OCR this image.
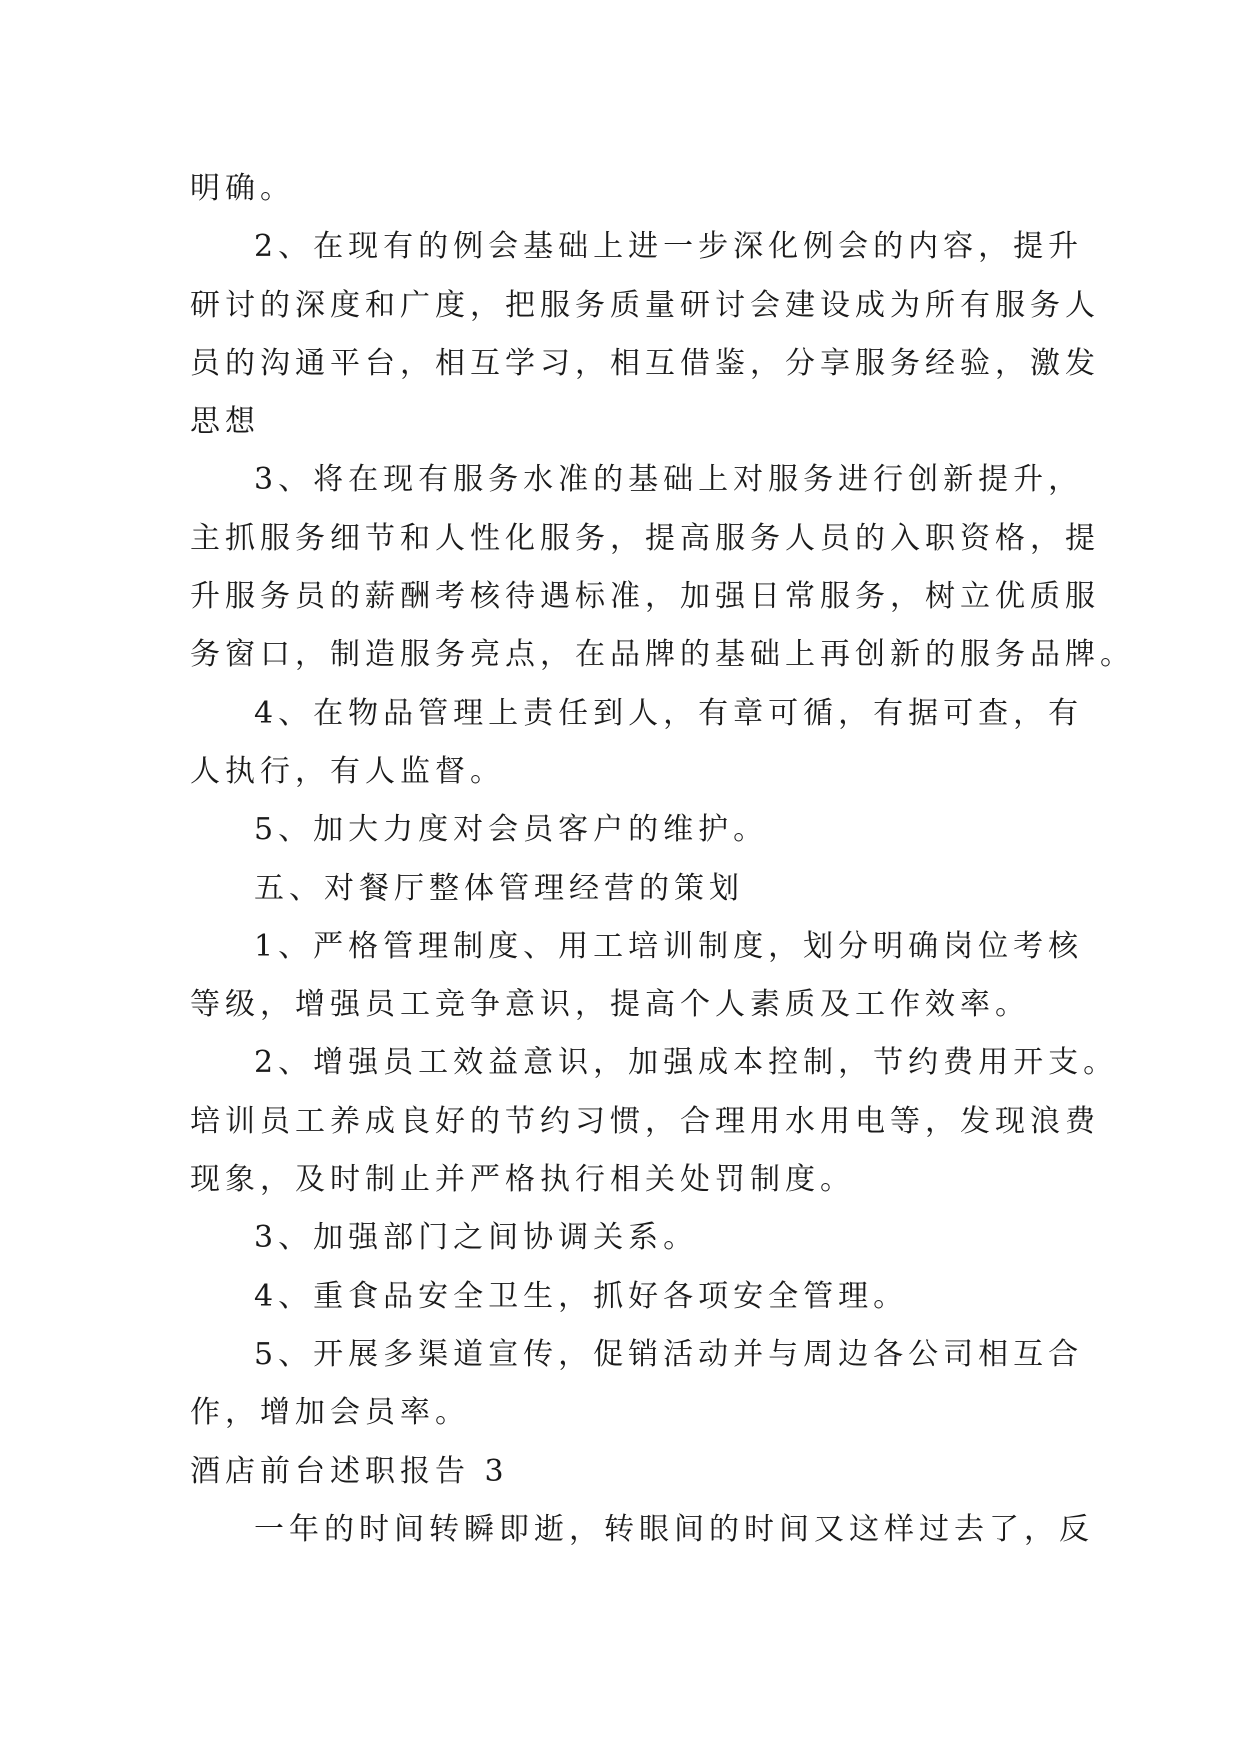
明确。
2、在现有的例会基础上进一步深化例会的内容，提升
研讨的深度和广度，把服务质量研讨会建设成为所有服务人
员的沟通平台，相互学习，相互借鉴，分享服务经验，激发
思想
3、将在现有服务水准的基础上对服务进行创新提升，
主抓服务细节和人性化服务，提高服务人员的入职资格，提
升服务员的薪酬考核待遇标准，加强日常服务，树立优质服
务窗口，制造服务亮点，在品牌的基础上再创新的服务品牌。
4、在物品管理上责任到人，有章可循，有据可查，有
人执行，有人监督。
5、加大力度对会员客户的维护。
五、对餐厅整体管理经营的策划
1、严格管理制度、用工培训制度，划分明确岗位考核
等级，增强员工竞争意识，提高个人素质及工作效率。
2、增强员工效益意识，加强成本控制，节约费用开支。
培训员工养成良好的节约习惯，合理用水用电等，发现浪费
现象，及时制止并严格执行相关处罚制度。
3、加强部门之间协调关系。
4、重食品安全卫生，抓好各项安全管理。
5、开展多渠道宣传，促销活动并与周边各公司相互合
作，增加会员率。
酒店前台述职报告 3
一年的时间转瞬即逝，转眼间的时间又这样过去了，反
